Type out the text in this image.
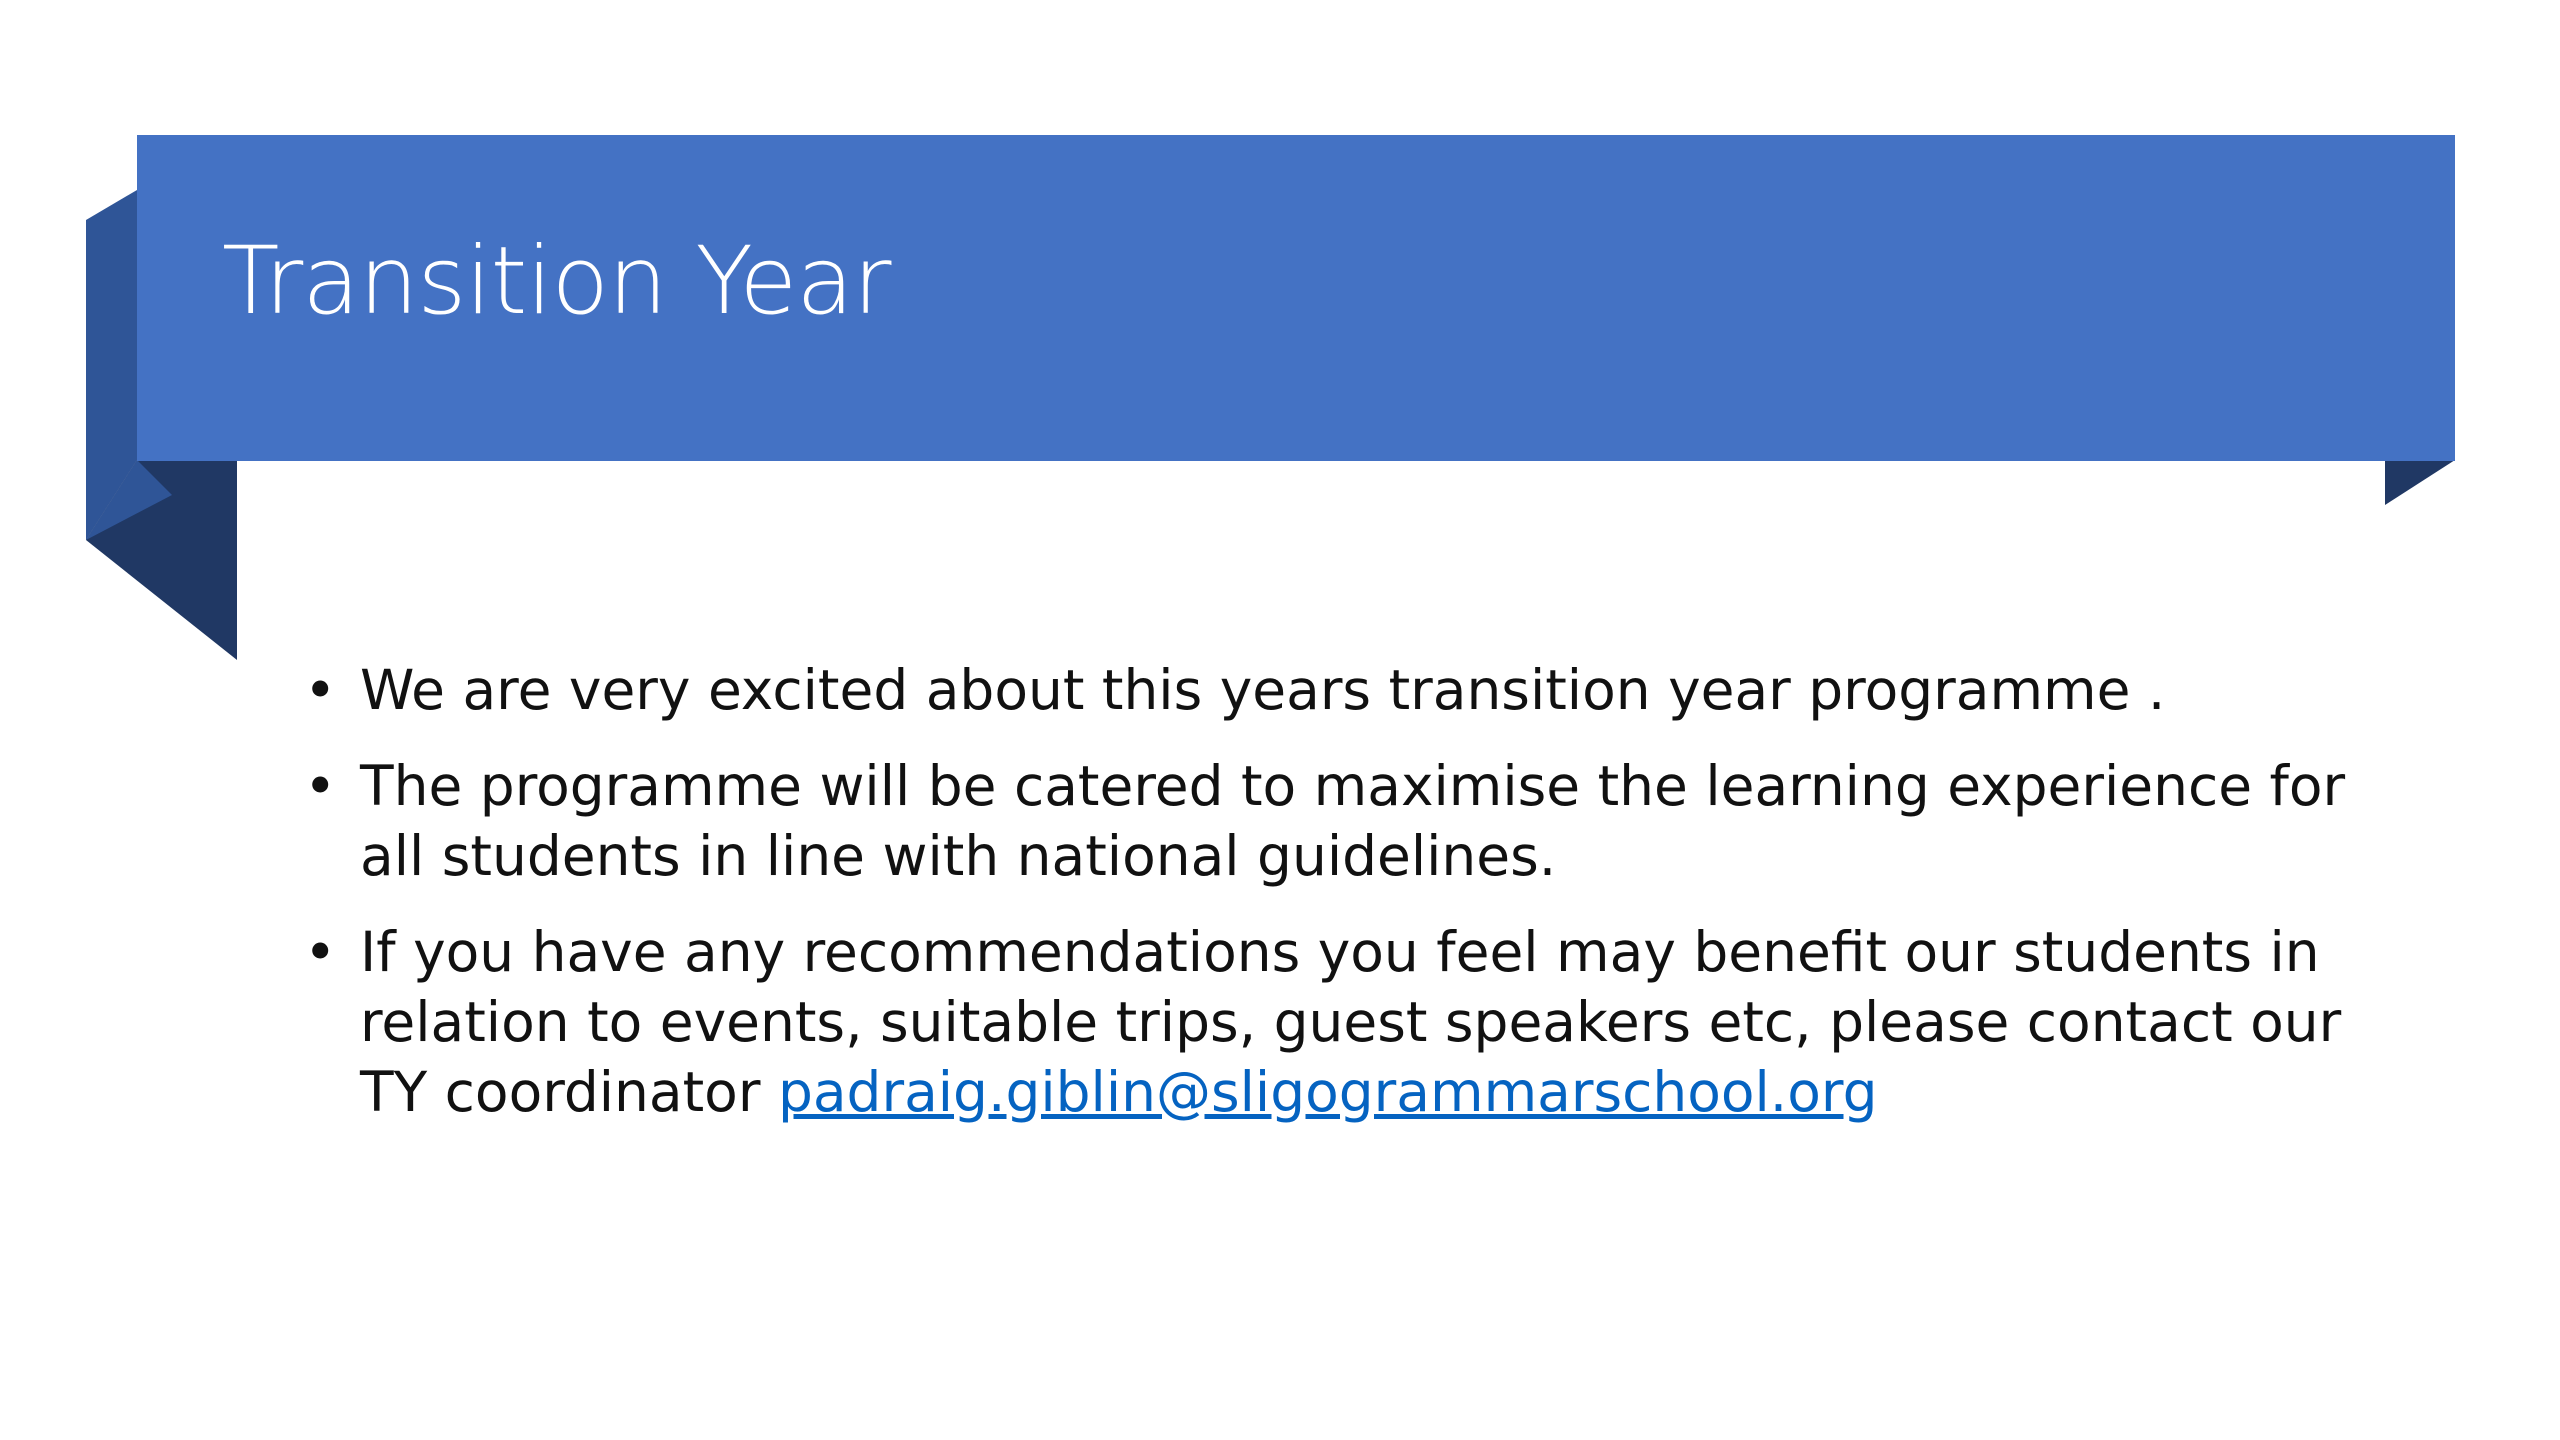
Transition Year
• We are very excited about this years transition year programme .
• The programme will be catered to maximise the learning experience for all students in line with national guidelines.
• If you have any recommendations you feel may benefit our students in relation to events, suitable trips, guest speakers etc, please contact our TY coordinator padraig.giblin@sligogrammarschool.org
